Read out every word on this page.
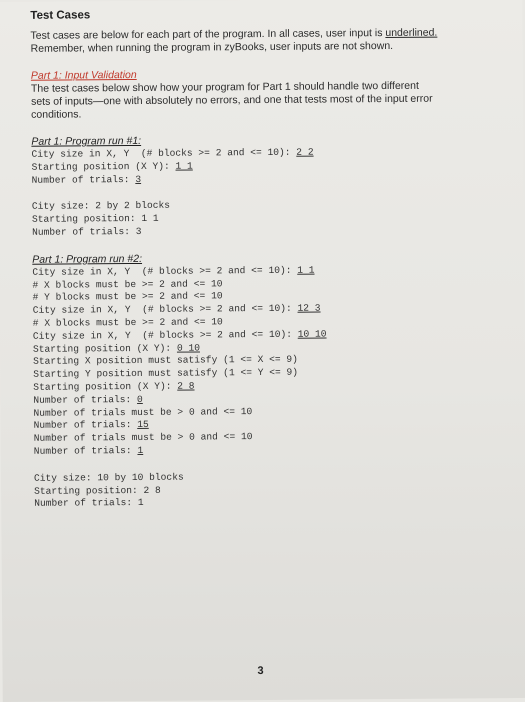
Test Cases

Test cases are below for each part of the program. In all cases, user input is underlined.

Remember, when running the program in zyBooks, user inputs are not shown.

Part 1: Input Validation

The test cases below show how your program for Part 1 should handle two different

sets of inputs—one with absolutely no errors, and one that tests most of the input error

conditions.

Part 1: Program run #1:

City size in X, Y  (# blocks >= 2 and <= 10): 2 2
Starting position (X Y): 1 1
Number of trials: 3
City size: 2 by 2 blocks
Starting position: 1 1
Number of trials: 3

Part 1: Program run #2:

City size in X, Y  (# blocks >= 2 and <= 10): 1 1
# X blocks must be >= 2 and <= 10
# Y blocks must be >= 2 and <= 10
City size in X, Y  (# blocks >= 2 and <= 10): 12 3
# X blocks must be >= 2 and <= 10
City size in X, Y  (# blocks >= 2 and <= 10): 10 10
Starting position (X Y): 0 10
Starting X position must satisfy (1 <= X <= 9)
Starting Y position must satisfy (1 <= Y <= 9)
Starting position (X Y): 2 8
Number of trials: 0
Number of trials must be > 0 and <= 10
Number of trials: 15
Number of trials must be > 0 and <= 10
Number of trials: 1
City size: 10 by 10 blocks
Starting position: 2 8
Number of trials: 1
3
